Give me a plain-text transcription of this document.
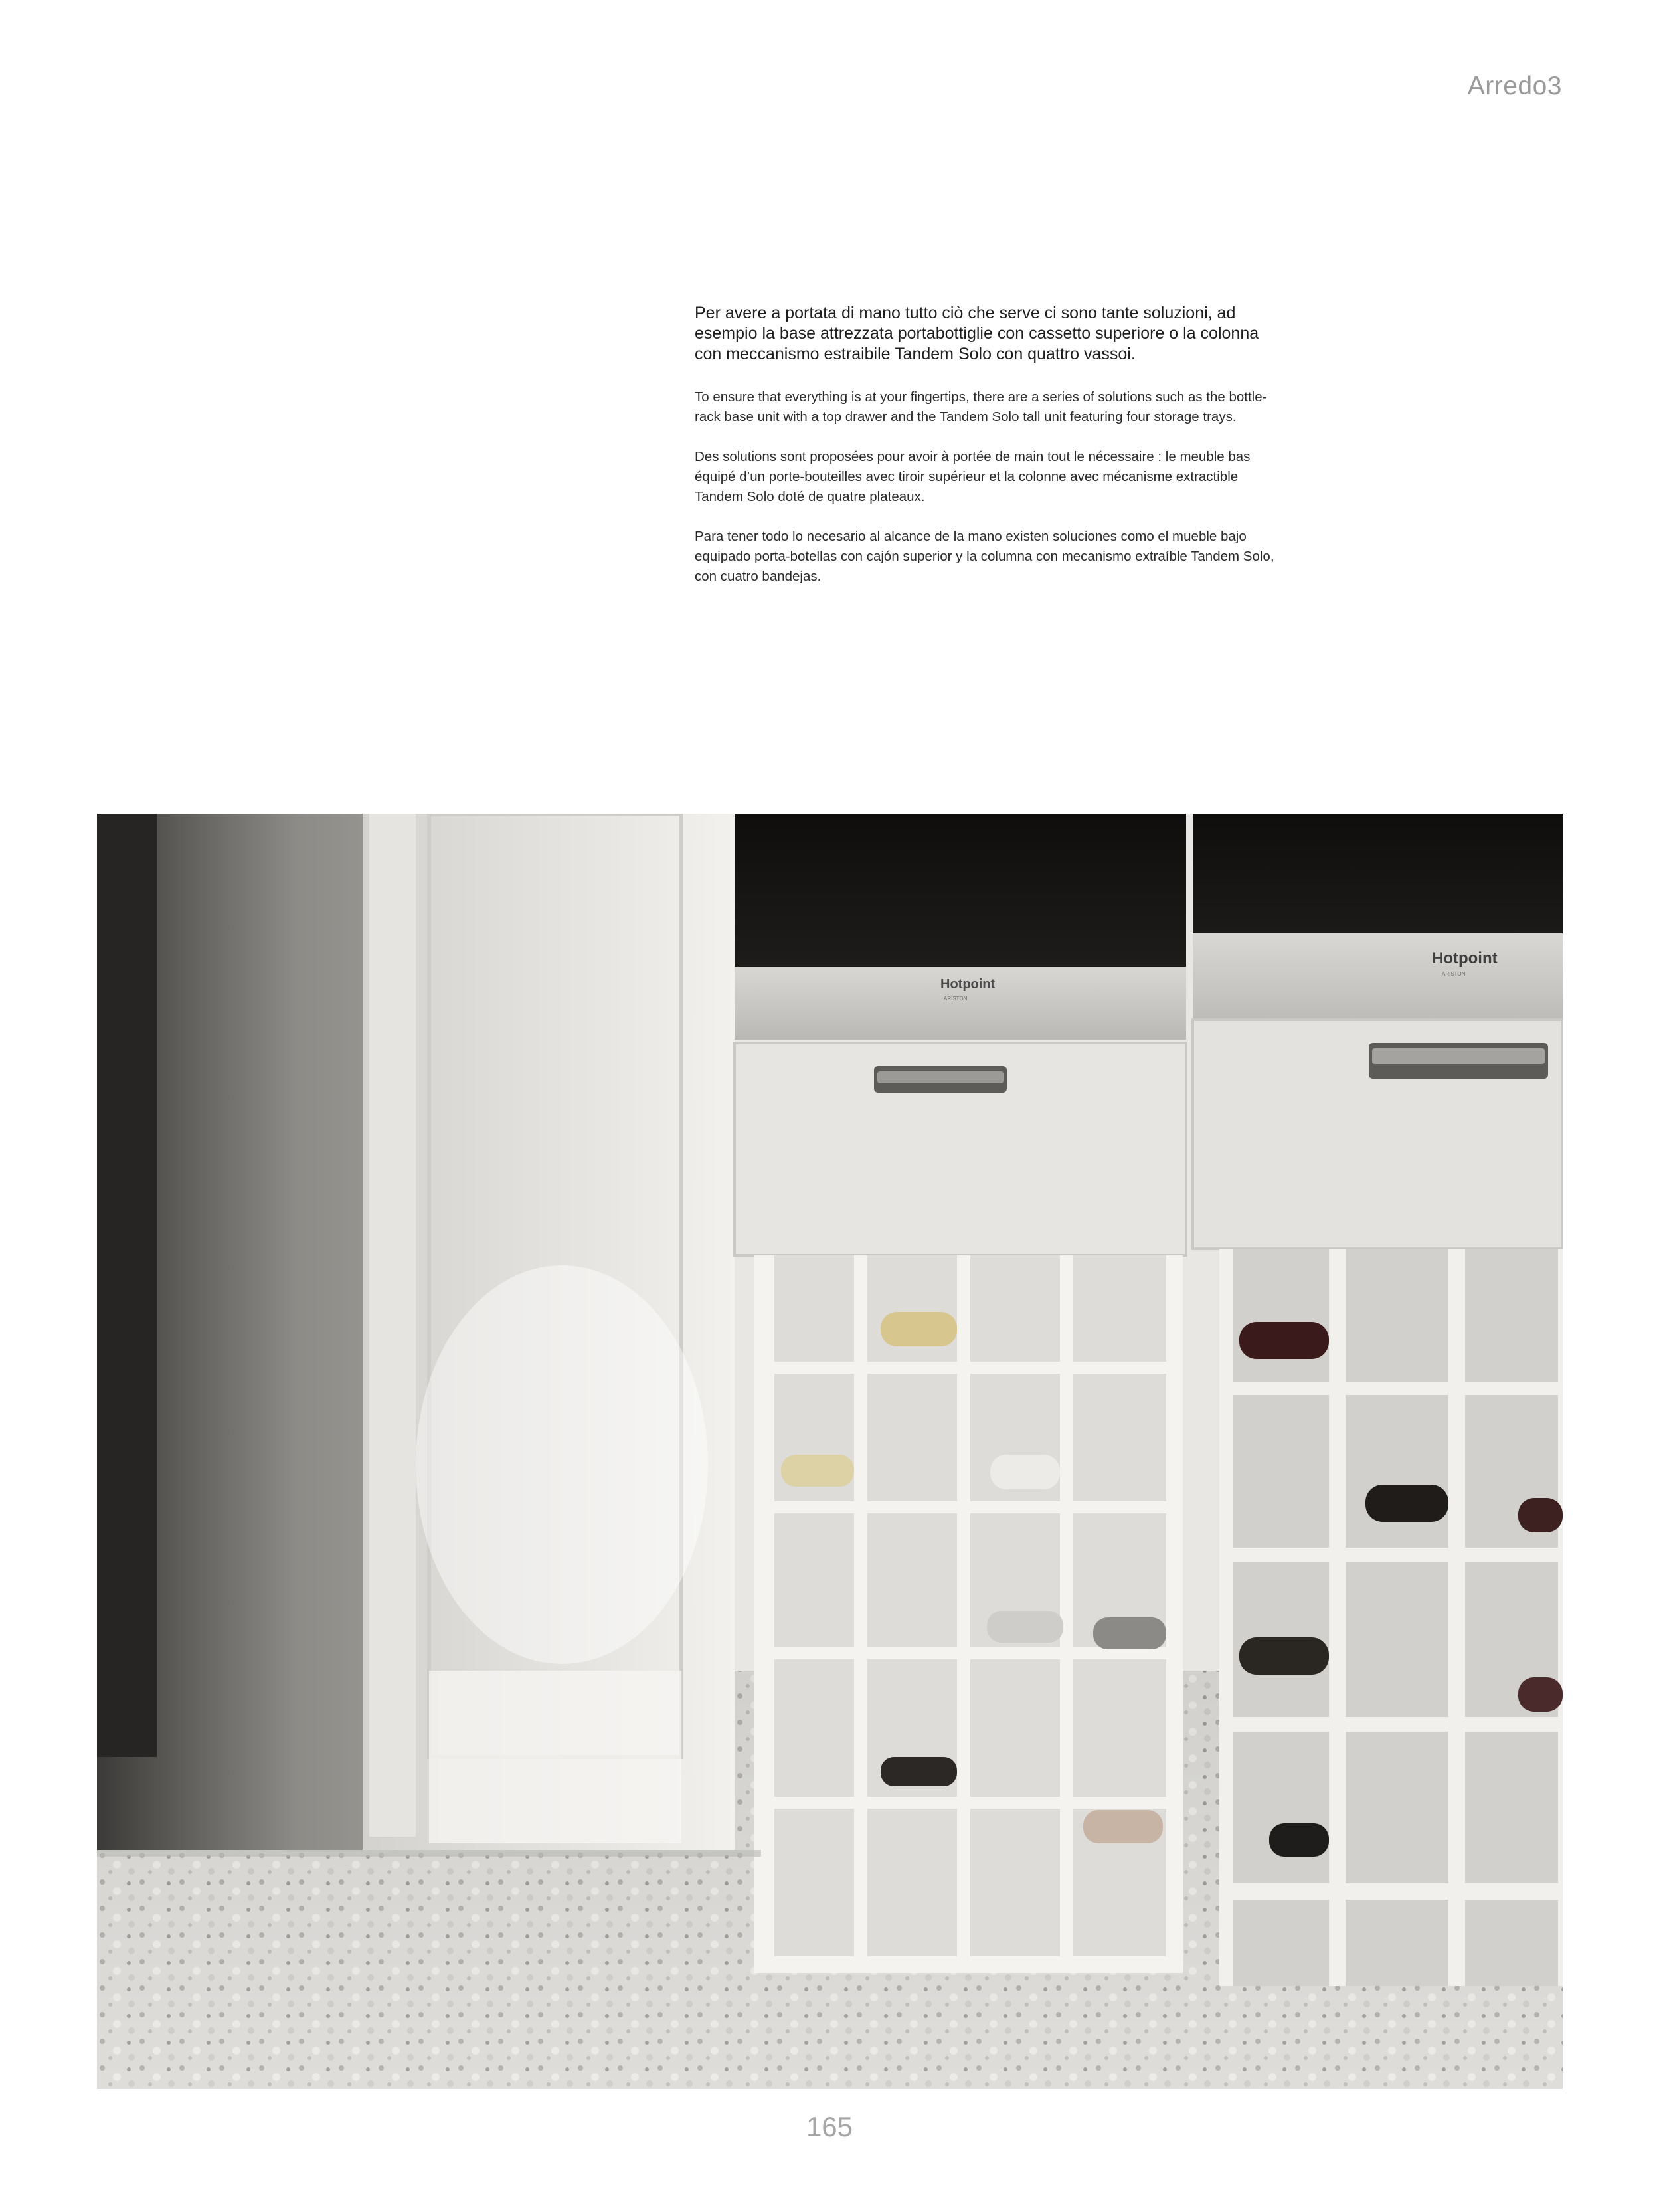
Arredo3

Per avere a portata di mano tutto ciò che serve ci sono tante soluzioni, ad esempio la base attrezzata portabottiglie con cassetto superiore o la colonna con meccanismo estraibile Tandem Solo con quattro vassoi.

To ensure that everything is at your fingertips, there are a series of solutions such as the bottle-rack base unit with a top drawer and the Tandem Solo tall unit featuring four storage trays.

Des solutions sont proposées pour avoir à portée de main tout le nécessaire : le meuble bas équipé d’un porte-bouteilles avec tiroir supérieur et la colonne avec mécanisme extractible Tandem Solo doté de quatre plateaux.

Para tener todo lo necesario al alcance de la mano existen soluciones como el mueble bajo equipado porta-botellas con cajón superior y la columna con mecanismo extraíble Tandem Solo, con cuatro bandejas.

Hotpoint
ARISTON
Hotpoint
ARISTON
165
